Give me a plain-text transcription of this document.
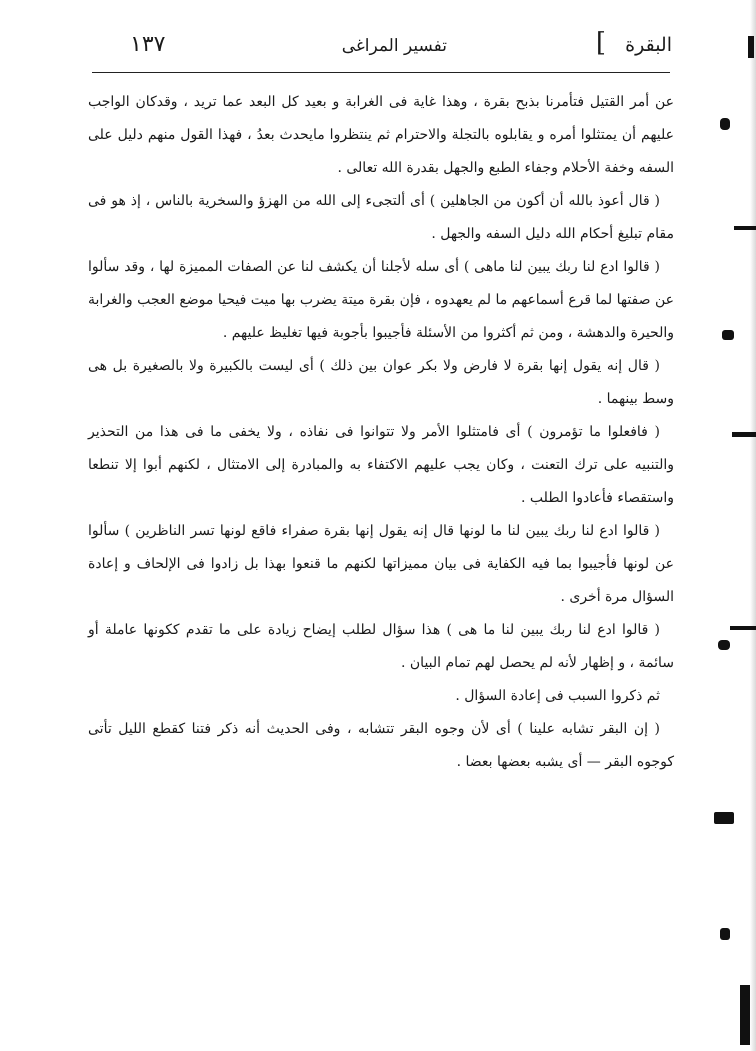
البقرة
]
تفسير المراغى
١٣٧

عن أمر القتيل فتأمرنا بذبح بقرة ، وهذا غاية فى الغرابة و بعيد كل البعد عما تريد ، وقدكان الواجب عليهم أن يمتثلوا أمره و يقابلوه بالتجلة والاحترام ثم ينتظروا مايحدث بعدُ ، فهذا القول منهم دليل على السفه وخفة الأحلام وجفاء الطبع والجهل بقدرة الله تعالى .

( قال أعوذ بالله أن أكون من الجاهلين ) أى ألتجىء إلى الله من الهزؤ والسخرية بالناس ، إذ هو فى مقام تبليغ أحكام الله دليل السفه والجهل .

( قالوا ادع لنا ربك يبين لنا ماهى ) أى سله لأجلنا أن يكشف لنا عن الصفات المميزة لها ، وقد سألوا عن صفتها لما قرع أسماعهم ما لم يعهدوه ، فإن بقرة ميتة يضرب بها ميت فيحيا موضع العجب والغرابة والحيرة والدهشة ، ومن ثم أكثروا من الأسئلة فأجيبوا بأجوبة فيها تغليظ عليهم .

( قال إنه يقول إنها بقرة لا فارض ولا بكر عوان بين ذلك ) أى ليست بالكبيرة ولا بالصغيرة بل هى وسط بينهما .

( فافعلوا ما تؤمرون ) أى فامتثلوا الأمر ولا تتوانوا فى نفاذه ، ولا يخفى ما فى هذا من التحذير والتنبيه على ترك التعنت ، وكان يجب عليهم الاكتفاء به والمبادرة إلى الامتثال ، لكنهم أبوا إلا تنطعا واستقصاء فأعادوا الطلب .

( قالوا ادع لنا ربك يبين لنا ما لونها قال إنه يقول إنها بقرة صفراء فاقع لونها تسر الناظرين ) سألوا عن لونها فأجيبوا بما فيه الكفاية فى بيان مميزاتها لكنهم ما قنعوا بهذا بل زادوا فى الإلحاف و إعادة السؤال مرة أخرى .

( قالوا ادع لنا ربك يبين لنا ما هى ) هذا سؤال لطلب إيضاح زيادة على ما تقدم ككونها عاملة أو سائمة ، و إظهار لأنه لم يحصل لهم تمام البيان .

ثم ذكروا السبب فى إعادة السؤال .

( إن البقر تشابه علينا ) أى لأن وجوه البقر تتشابه ، وفى الحديث أنه ذكر فتنا كقطع الليل تأتى كوجوه البقر — أى يشبه بعضها بعضا .
